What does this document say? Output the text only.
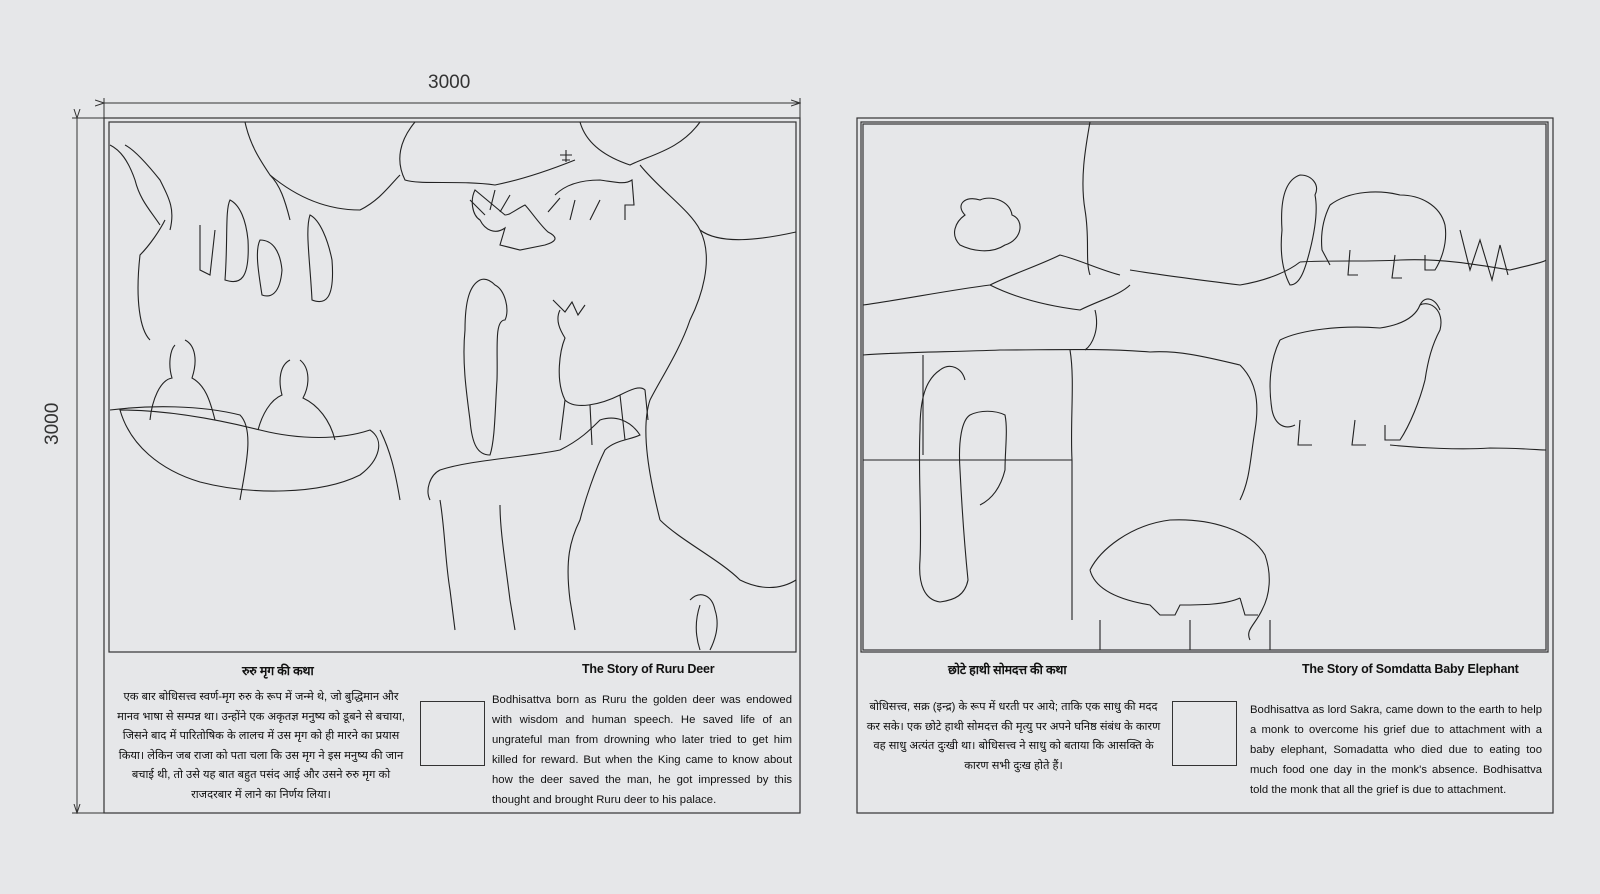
3000
3000
रुरु मृग की कथा	The Story of Ruru Deer
एक बार बोधिसत्त्व स्वर्ण-मृग रुरु के रूप में जन्मे थे, जो बुद्धिमान और मानव भाषा से सम्पन्न था। उन्होंने एक अकृतज्ञ मनुष्य को डूबने से बचाया, जिसने बाद में पारितोषिक के लालच में उस मृग को ही मारने का प्रयास किया। लेकिन जब राजा को पता चला कि उस मृग ने इस मनुष्य की जान बचाई थी, तो उसे यह बात बहुत पसंद आई और उसने रुरु मृग को राजदरबार में लाने का निर्णय लिया।
Bodhisattva born as Ruru the golden deer was endowed with wisdom and human speech. He saved life of an ungrateful man from drowning who later tried to get him killed for reward. But when the King came to know about how the deer saved the man, he got impressed by this thought and brought Ruru deer to his palace.
छोटे हाथी सोमदत्त की कथा	The Story of Somdatta Baby Elephant
बोधिसत्त्व, सक्र (इन्द्र) के रूप में धरती पर आये; ताकि एक साधु की मदद कर सके। एक छोटे हाथी सोमदत्त की मृत्यु पर अपने घनिष्ठ संबंध के कारण वह साधु अत्यंत दुःखी था। बोधिसत्त्व ने साधु को बताया कि आसक्ति के कारण सभी दुःख होते हैं।
Bodhisattva as lord Sakra, came down to the earth to help a monk to overcome his grief due to attachment with a baby elephant, Somadatta who died due to eating too much food one day in the monk's absence. Bodhisattva told the monk that all the grief is due to attachment.
